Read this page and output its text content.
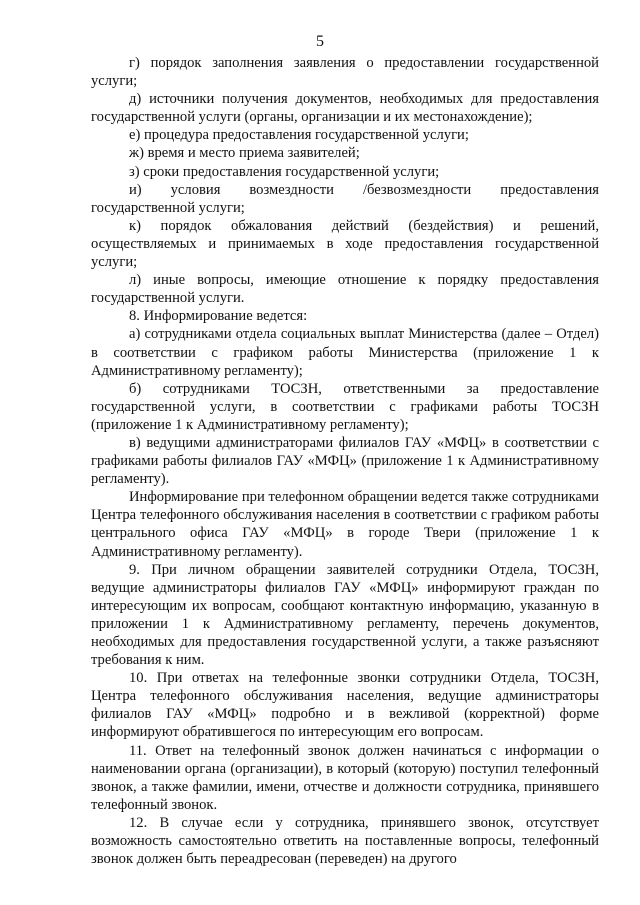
5

г) порядок заполнения заявления о предоставлении государственной услуги;

д) источники получения документов, необходимых для предоставления государственной услуги (органы, организации и их местонахождение);

е) процедура предоставления государственной услуги;

ж) время и место приема заявителей;

з) сроки предоставления государственной услуги;

и) условия возмездности /безвозмездности предоставления государственной услуги;

к) порядок обжалования действий (бездействия) и решений, осуществляемых и принимаемых в ходе предоставления государственной услуги;

л) иные вопросы, имеющие отношение к порядку предоставления государственной услуги.

8. Информирование ведется:

а) сотрудниками отдела социальных выплат Министерства (далее – Отдел) в соответствии с графиком работы Министерства (приложение 1 к Административному регламенту);

б) сотрудниками ТОСЗН, ответственными за предоставление государственной услуги, в соответствии с графиками работы ТОСЗН (приложение 1 к Административному регламенту);

в) ведущими администраторами филиалов ГАУ «МФЦ» в соответствии с графиками работы филиалов ГАУ «МФЦ» (приложение 1 к Административному регламенту).

Информирование при телефонном обращении ведется также сотрудниками Центра телефонного обслуживания населения в соответствии с графиком работы центрального офиса ГАУ «МФЦ» в городе Твери (приложение 1 к Административному регламенту).

9. При личном обращении заявителей сотрудники Отдела, ТОСЗН, ведущие администраторы филиалов ГАУ «МФЦ» информируют граждан по интересующим их вопросам, сообщают контактную информацию, указанную в приложении 1 к Административному регламенту, перечень документов, необходимых для предоставления государственной услуги, а также разъясняют требования к ним.

10. При ответах на телефонные звонки сотрудники Отдела, ТОСЗН, Центра телефонного обслуживания населения, ведущие администраторы филиалов ГАУ «МФЦ» подробно и в вежливой (корректной) форме информируют обратившегося по интересующим его вопросам.

11. Ответ на телефонный звонок должен начинаться с информации о наименовании органа (организации), в который (которую) поступил телефонный звонок, а также фамилии, имени, отчестве и должности сотрудника, принявшего телефонный звонок.

12. В случае если у сотрудника, принявшего звонок, отсутствует возможность самостоятельно ответить на поставленные вопросы, телефонный звонок должен быть переадресован (переведен) на другого
